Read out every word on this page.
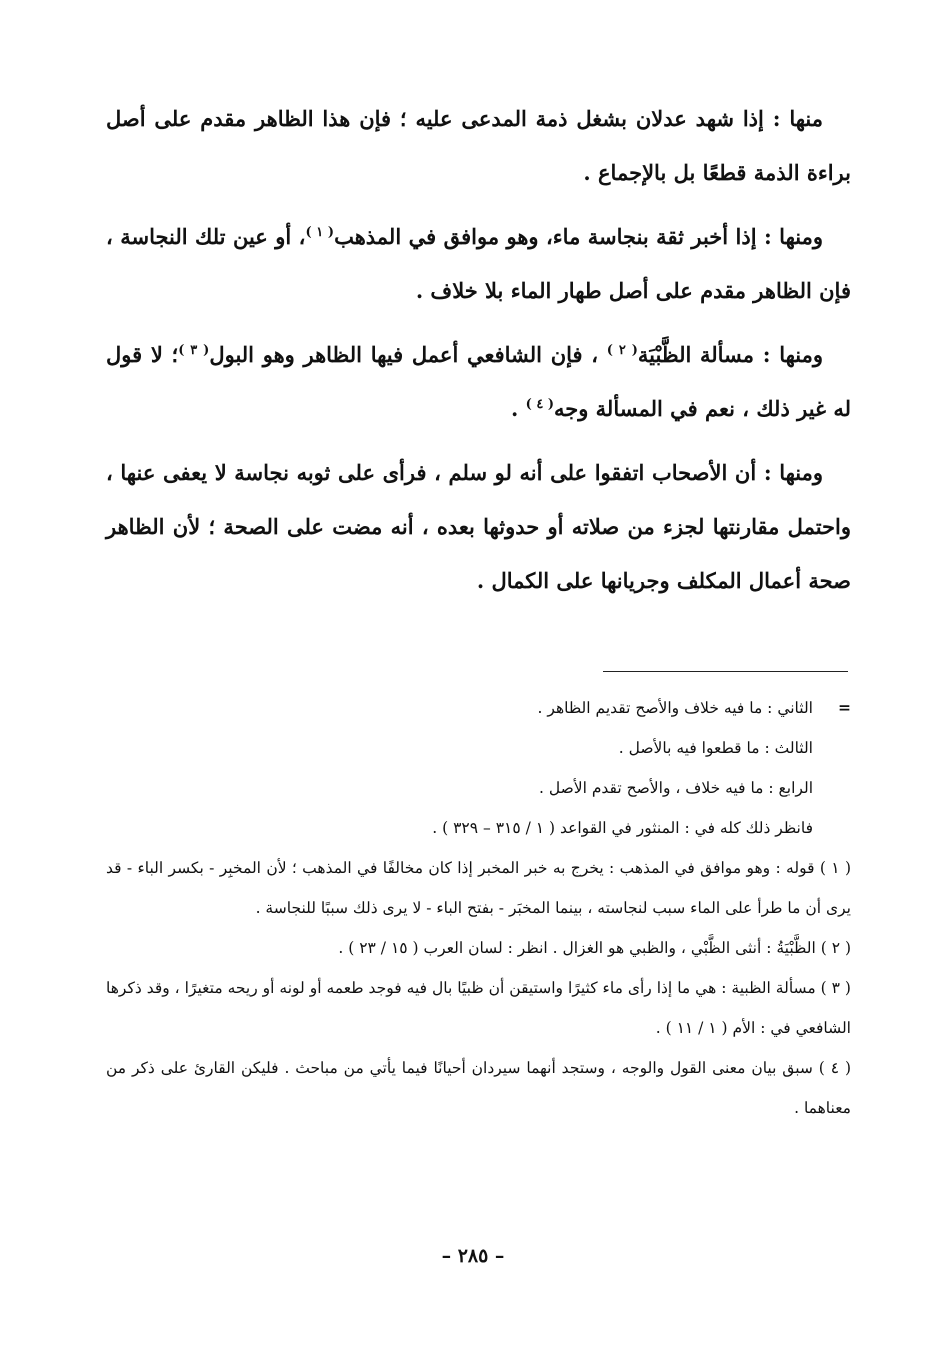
منها : إذا شهد عدلان بشغل ذمة المدعى عليه ؛ فإن هذا الظاهر مقدم على أصل براءة الذمة قطعًا بل بالإجماع .

ومنها : إذا أخبر ثقة بنجاسة ماء، وهو موافق في المذهب$^{( ١ )}$، أو عين تلك النجاسة ، فإن الظاهر مقدم على أصل طهار الماء بلا خلاف .

ومنها : مسألة الظَّبْيَة$^{( ٢ )}$ ، فإن الشافعي أعمل فيها الظاهر وهو البول$^{( ٣ )}$؛ لا قول له غير ذلك ، نعم في المسألة وجه$^{( ٤ )}$ .

ومنها : أن الأصحاب اتفقوا على أنه لو سلم ، فرأى على ثوبه نجاسة لا يعفى عنها ، واحتمل مقارنتها لجزء من صلاته أو حدوثها بعده ، أنه مضت على الصحة ؛ لأن الظاهر صحة أعمال المكلف وجريانها على الكمال .

=

الثاني : ما فيه خلاف والأصح تقديم الظاهر .

الثالث : ما قطعوا فيه بالأصل .

الرابع : ما فيه خلاف ، والأصح تقدم الأصل .

فانظر ذلك كله في : المنثور في القواعد ( ١ / ٣١٥ – ٣٢٩ ) .

( ١ ) قوله : وهو موافق في المذهب : يخرج به خبر المخبر إذا كان مخالفًا في المذهب ؛ لأن المخبِر - بكسر الباء - قد يرى أن ما طرأ على الماء سبب لنجاسته ، بينما المخبَر - بفتح الباء - لا يرى ذلك سببًا للنجاسة .

( ٢ ) الظَّبْيَةُ : أنثى الظَّبْي ، والظبي هو الغزال . انظر : لسان العرب ( ١٥ / ٢٣ ) .

( ٣ ) مسألة الظبية : هي ما إذا رأى ماء كثيرًا واستيقن أن ظبيًا بال فيه فوجد طعمه أو لونه أو ريحه متغيرًا ، وقد ذكرها الشافعي في : الأم ( ١ / ١١ ) .

( ٤ ) سبق بيان معنى القول والوجه ، وستجد أنهما سيردان أحيانًا فيما يأتي من مباحث . فليكن القارئ على ذكر من معناهما .

– ٢٨٥ –
